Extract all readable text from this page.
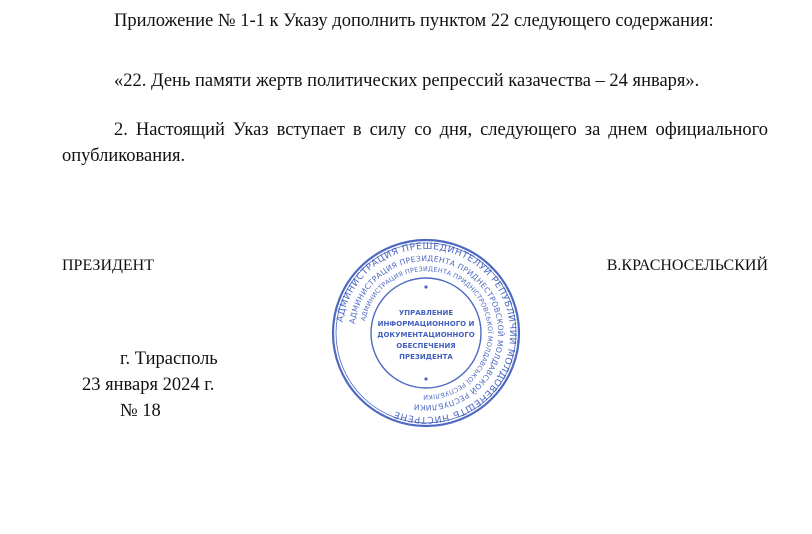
Приложение № 1-1 к Указу дополнить пунктом 22 следующего содержания:

«22. День памяти жертв политических репрессий казачества – 24 января».

2. Настоящий Указ вступает в силу со дня, следующего за днем официального опубликования.

ПРЕЗИДЕНТ	В.КРАСНОСЕЛЬСКИЙ
г. Тирасполь
23 января 2024 г.
№ 18
АДМИНИСТРАЦИЯ ПРЕШЕДИНТЕЛУЙ РЕПУБЛИЧИЙ МОЛДОВЕНЕШТЬ НИСТРЕНЕ
АДМИНИСТРАЦИЯ ПРЕЗИДЕНТА ПРИДНЕСТРОВСКОЙ МОЛДАВСКОЙ РЕСПУБЛИКИ
АДМИНИСТРАЦИЯ ПРЕЗИДЕНТА ПРИДНІСТРОВСЬКОЇ МОЛДАВСЬКОЇ РЕСПУБЛІКИ
УПРАВЛЕНИЕ
ИНФОРМАЦИОННОГО И
ДОКУМЕНТАЦИОННОГО
ОБЕСПЕЧЕНИЯ
ПРЕЗИДЕНТА
